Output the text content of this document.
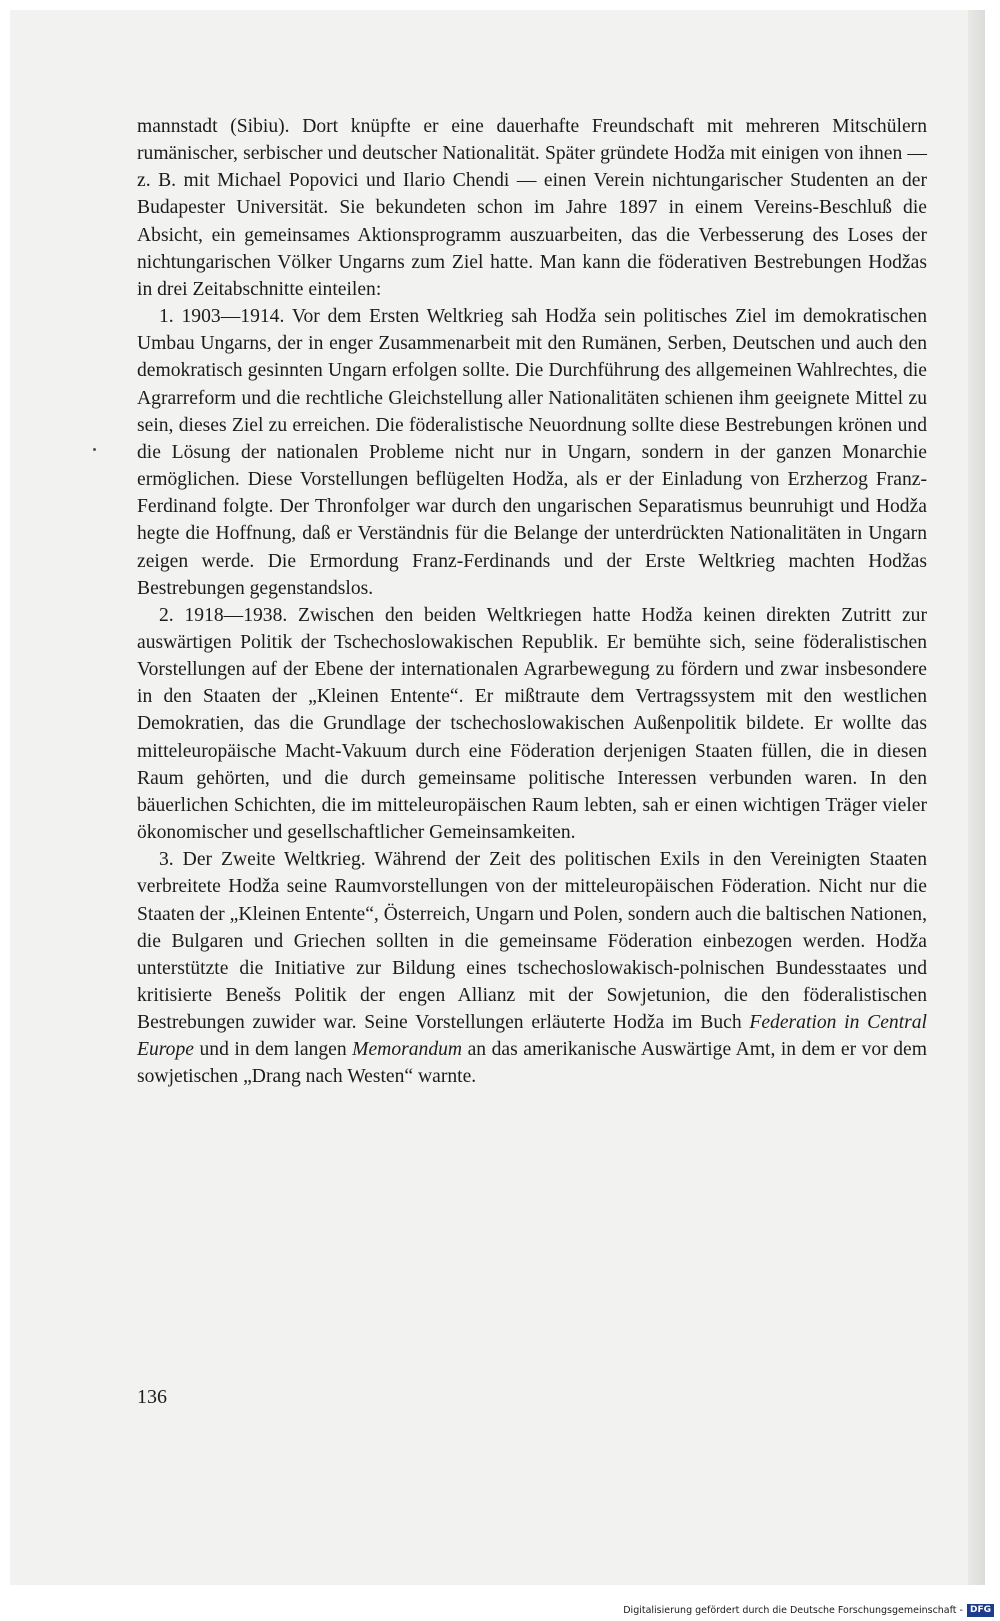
mannstadt (Sibiu). Dort knüpfte er eine dauerhafte Freundschaft mit mehreren Mitschülern rumänischer, serbischer und deutscher Nationalität. Später gründete Hodža mit einigen von ihnen — z. B. mit Michael Popovici und Ilario Chendi — einen Verein nichtungarischer Studenten an der Budapester Universität. Sie bekundeten schon im Jahre 1897 in einem Vereins-Beschluß die Absicht, ein gemeinsames Aktionsprogramm auszuarbeiten, das die Verbesserung des Loses der nichtungarischen Völker Ungarns zum Ziel hatte. Man kann die föderativen Bestrebungen Hodžas in drei Zeitabschnitte einteilen:

1. 1903—1914. Vor dem Ersten Weltkrieg sah Hodža sein politisches Ziel im demokratischen Umbau Ungarns, der in enger Zusammenarbeit mit den Rumänen, Serben, Deutschen und auch den demokratisch gesinnten Ungarn erfolgen sollte. Die Durchführung des allgemeinen Wahlrechtes, die Agrarreform und die rechtliche Gleichstellung aller Nationalitäten schienen ihm geeignete Mittel zu sein, dieses Ziel zu erreichen. Die föderalistische Neuordnung sollte diese Bestrebungen krönen und die Lösung der nationalen Probleme nicht nur in Ungarn, sondern in der ganzen Monarchie ermöglichen. Diese Vorstellungen beflügelten Hodža, als er der Einladung von Erzherzog Franz-Ferdinand folgte. Der Thronfolger war durch den ungarischen Separatismus beunruhigt und Hodža hegte die Hoffnung, daß er Verständnis für die Belange der unterdrückten Nationalitäten in Ungarn zeigen werde. Die Ermordung Franz-Ferdinands und der Erste Weltkrieg machten Hodžas Bestrebungen gegenstandslos.

2. 1918—1938. Zwischen den beiden Weltkriegen hatte Hodža keinen direkten Zutritt zur auswärtigen Politik der Tschechoslowakischen Republik. Er bemühte sich, seine föderalistischen Vorstellungen auf der Ebene der internationalen Agrarbewegung zu fördern und zwar insbesondere in den Staaten der „Kleinen Entente“. Er mißtraute dem Vertragssystem mit den westlichen Demokratien, das die Grundlage der tschechoslowakischen Außenpolitik bildete. Er wollte das mitteleuropäische Macht-Vakuum durch eine Föderation derjenigen Staaten füllen, die in diesen Raum gehörten, und die durch gemeinsame politische Interessen verbunden waren. In den bäuerlichen Schichten, die im mitteleuropäischen Raum lebten, sah er einen wichtigen Träger vieler ökonomischer und gesellschaftlicher Gemeinsamkeiten.

3. Der Zweite Weltkrieg. Während der Zeit des politischen Exils in den Vereinigten Staaten verbreitete Hodža seine Raumvorstellungen von der mitteleuropäischen Föderation. Nicht nur die Staaten der „Kleinen Entente“, Österreich, Ungarn und Polen, sondern auch die baltischen Nationen, die Bulgaren und Griechen sollten in die gemeinsame Föderation einbezogen werden. Hodža unterstützte die Initiative zur Bildung eines tschechoslowakisch-polnischen Bundesstaates und kritisierte Benešs Politik der engen Allianz mit der Sowjetunion, die den föderalistischen Bestrebungen zuwider war. Seine Vorstellungen erläuterte Hodža im Buch Federation in Central Europe und in dem langen Memorandum an das amerikanische Auswärtige Amt, in dem er vor dem sowjetischen „Drang nach Westen“ warnte.

136
Digitalisierung gefördert durch die Deutsche Forschungsgemeinschaft - DFG
